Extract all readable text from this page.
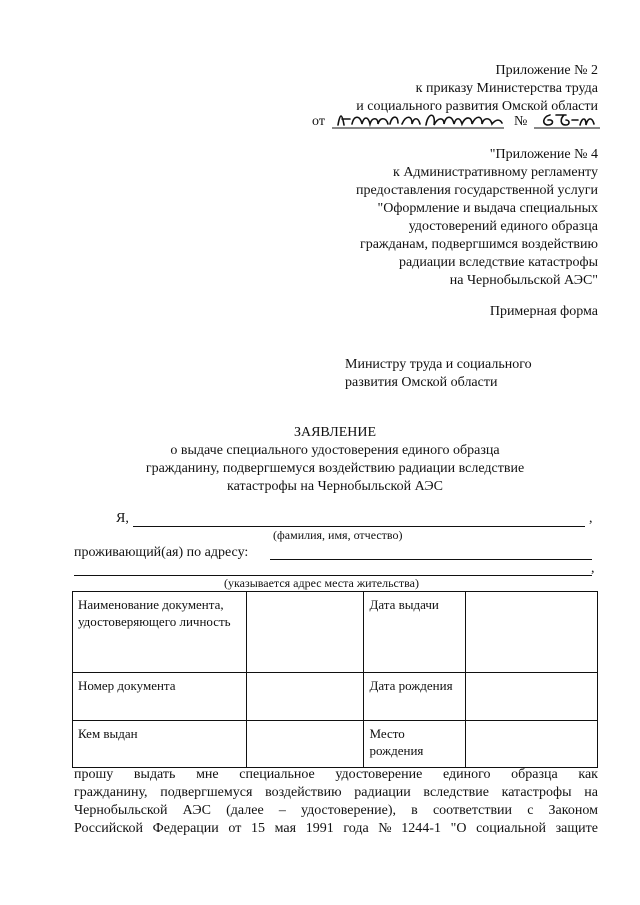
Приложение № 2
к приказу Министерства труда
и социального развития Омской области
от	№
"Приложение № 4
к Административному регламенту
предоставления государственной услуги
"Оформление и выдача специальных
удостоверений единого образца
гражданам, подвергшимся воздействию
радиации вследствие катастрофы
на Чернобыльской АЭС"
Примерная форма
Министру труда и социального
развития Омской области
ЗАЯВЛЕНИЕ
о выдаче специального удостоверения единого образца
гражданину, подвергшемуся воздействию радиации вследствие
катастрофы на Чернобыльской АЭС
Я,	,
(фамилия, имя, отчество)
проживающий(ая) по адресу:
,
(указывается адрес места жительства)
Наименование документа, удостоверяющего личность		Дата выдачи	
Номер документа		Дата рождения	
Кем выдан		Место рождения	
прошу выдать мне специальное удостоверение единого образца как
гражданину, подвергшемуся воздействию радиации вследствие катастрофы на
Чернобыльской АЭС (далее – удостоверение), в соответствии с Законом
Российской Федерации от 15 мая 1991 года № 1244-1 "О социальной защите
